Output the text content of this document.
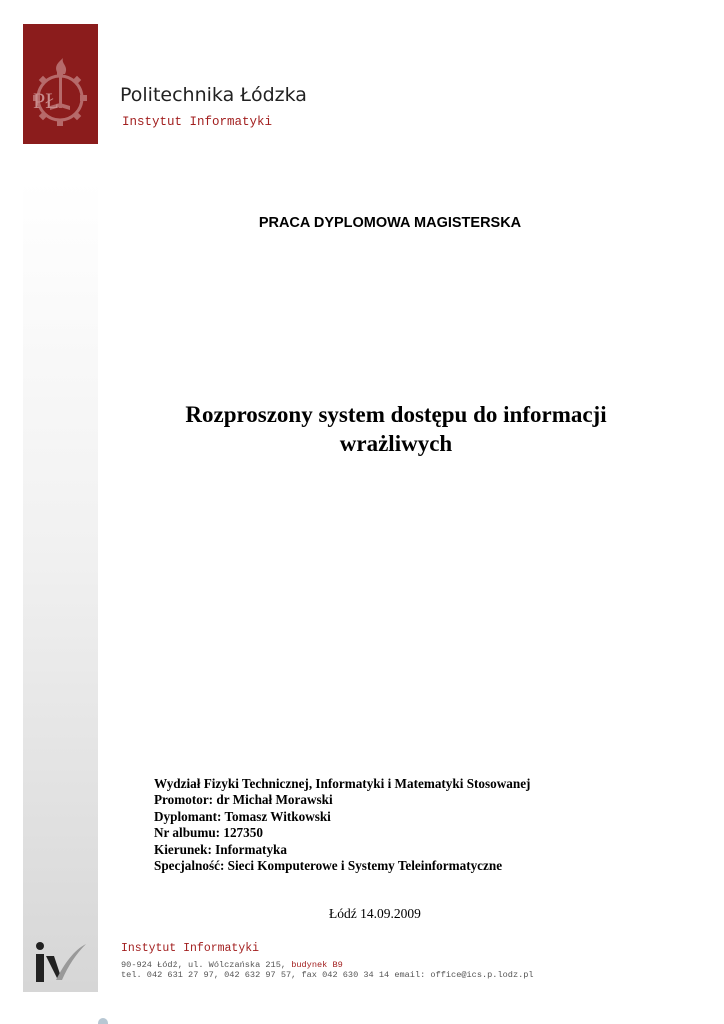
PŁ	Politechnika Łódzka
Instytut Informatyki
PRACA DYPLOMOWA MAGISTERSKA
Rozproszony system dostępu do informacji
wrażliwych
Wydział Fizyki Technicznej, Informatyki i Matematyki Stosowanej
Promotor: dr Michał Morawski
Dyplomant: Tomasz Witkowski
Nr albumu: 127350
Kierunek: Informatyka
Specjalność: Sieci Komputerowe i Systemy Teleinformatyczne
Łódź 14.09.2009
Instytut Informatyki
90-924 Łódź, ul. Wólczańska 215, budynek B9
tel. 042 631 27 97, 042 632 97 57, fax 042 630 34 14 email: office@ics.p.lodz.pl
